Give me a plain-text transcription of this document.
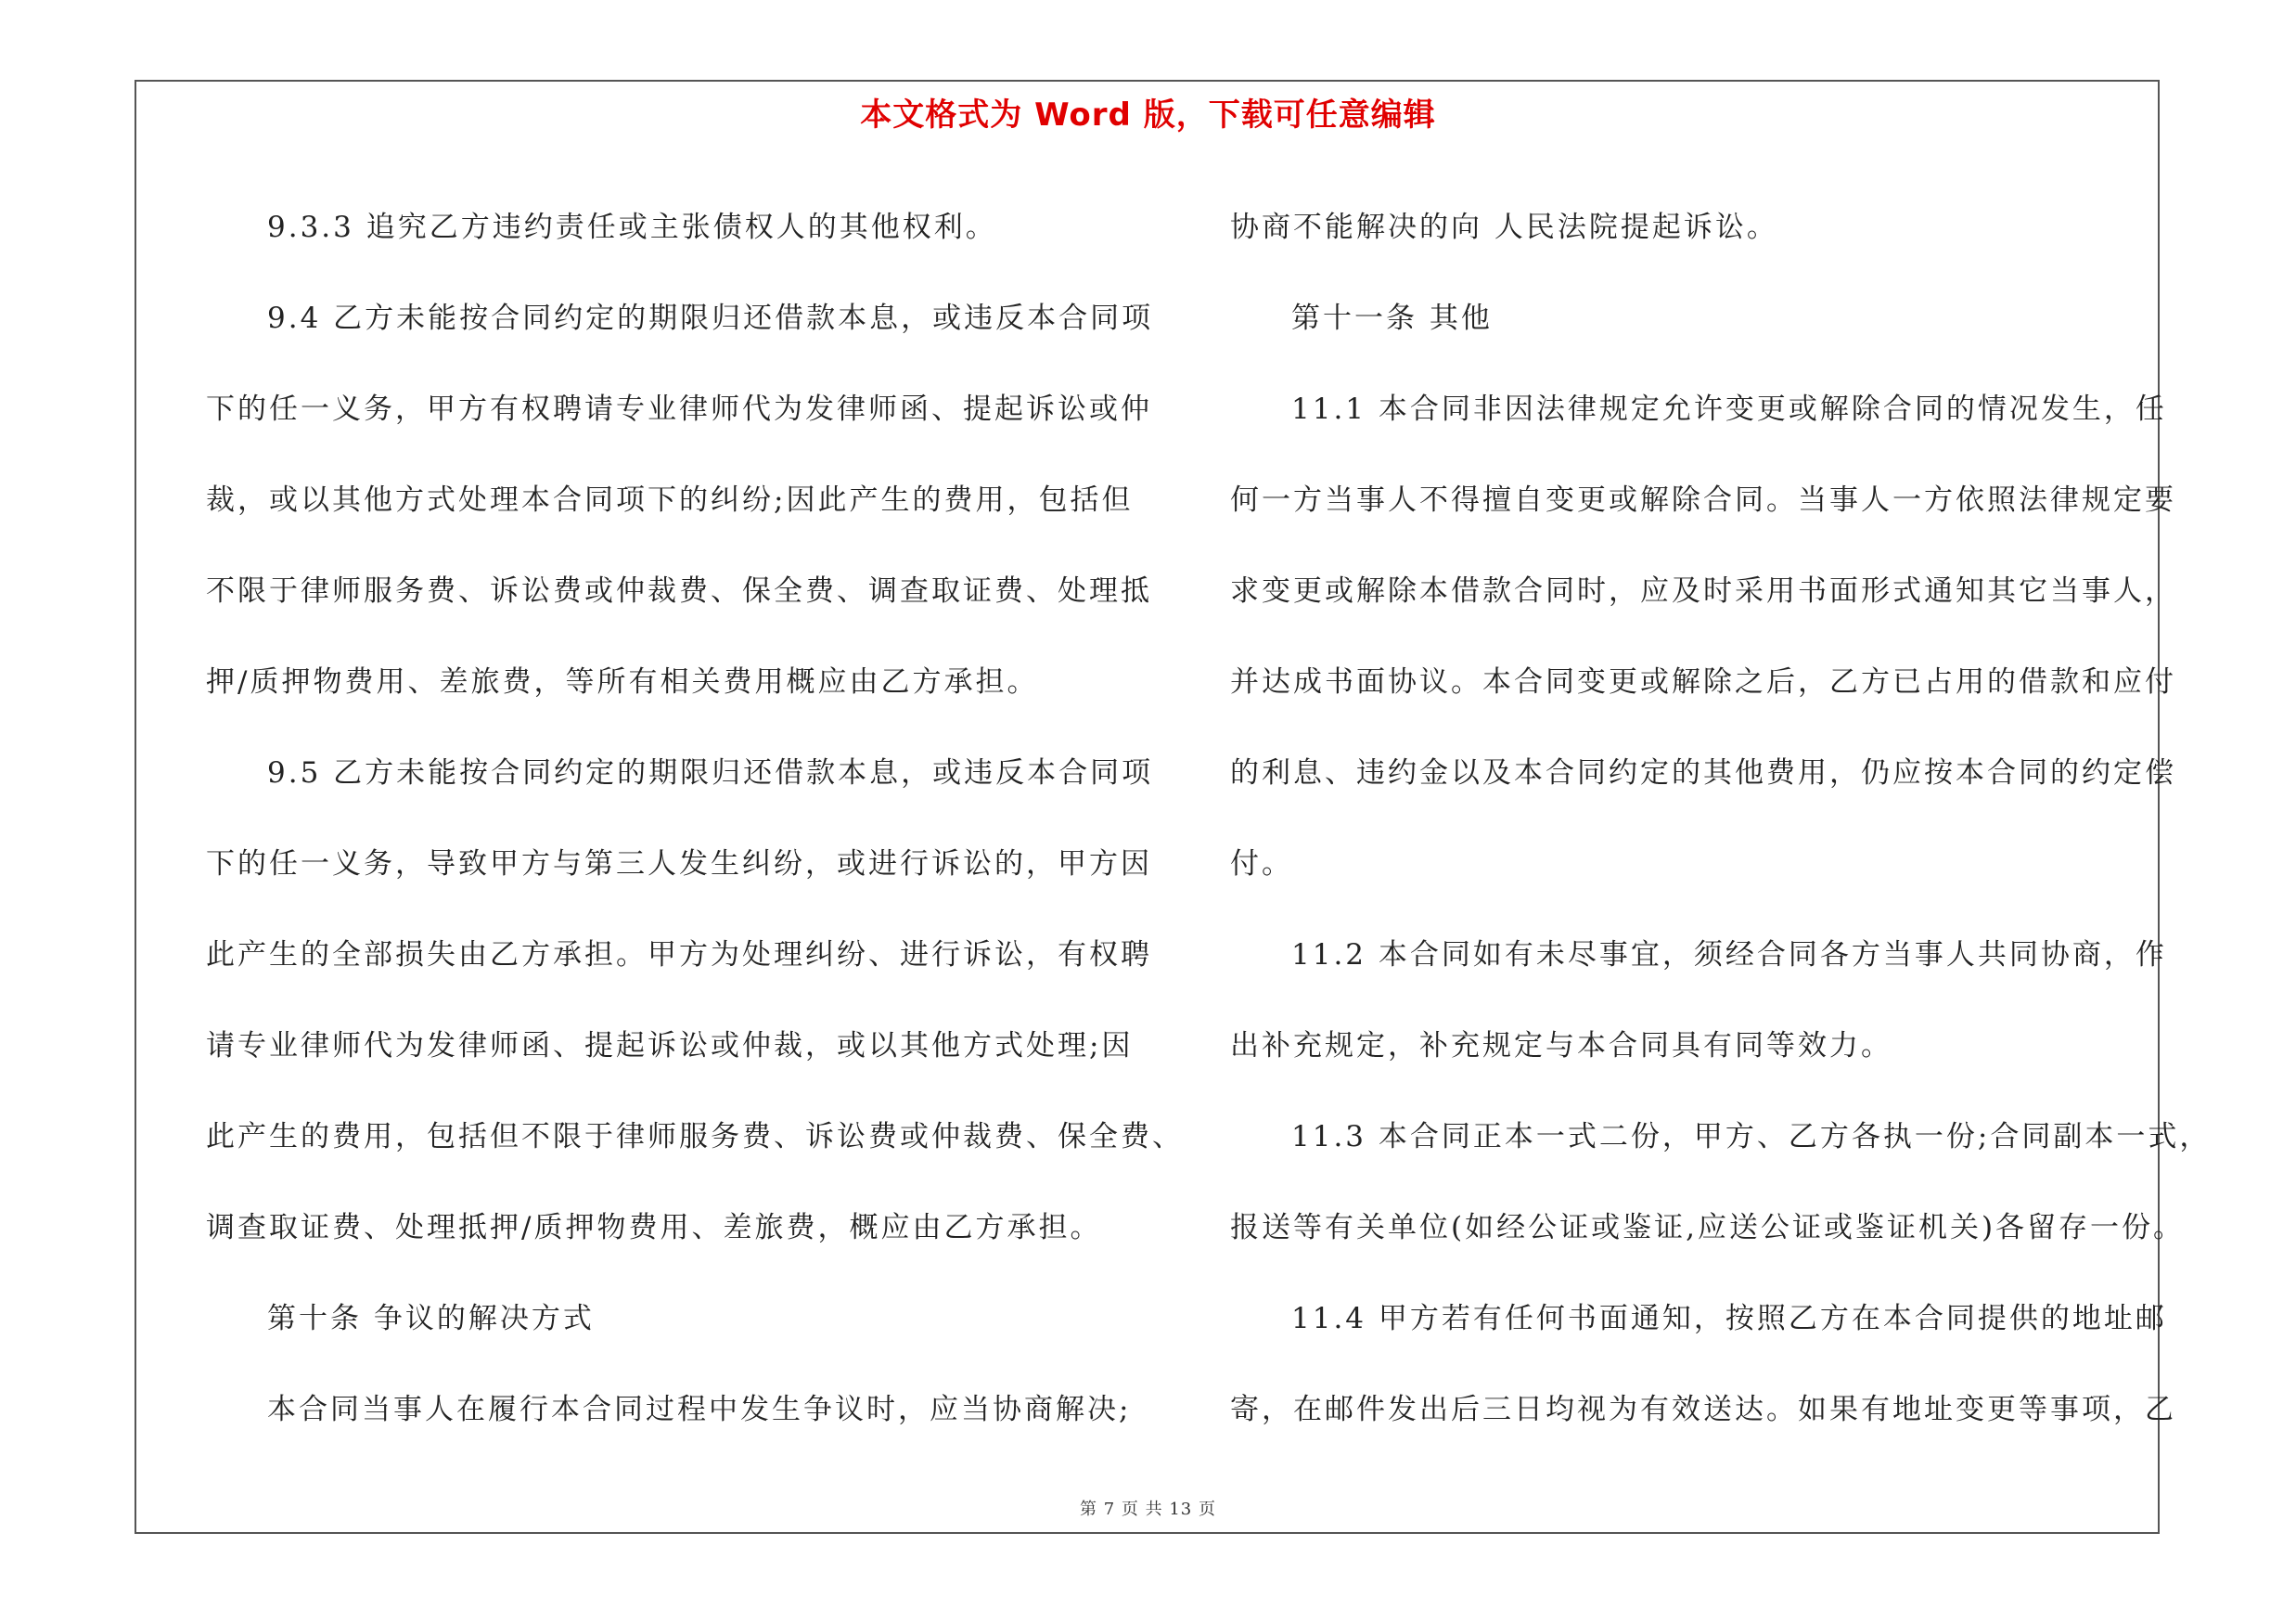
本文格式为 Word 版，下载可任意编辑
9.3.3 追究乙方违约责任或主张债权人的其他权利。
9.4 乙方未能按合同约定的期限归还借款本息，或违反本合同项
下的任一义务，甲方有权聘请专业律师代为发律师函、提起诉讼或仲
裁，或以其他方式处理本合同项下的纠纷;因此产生的费用，包括但
不限于律师服务费、诉讼费或仲裁费、保全费、调查取证费、处理抵
押/质押物费用、差旅费，等所有相关费用概应由乙方承担。
9.5 乙方未能按合同约定的期限归还借款本息，或违反本合同项
下的任一义务，导致甲方与第三人发生纠纷，或进行诉讼的，甲方因
此产生的全部损失由乙方承担。甲方为处理纠纷、进行诉讼，有权聘
请专业律师代为发律师函、提起诉讼或仲裁，或以其他方式处理;因
此产生的费用，包括但不限于律师服务费、诉讼费或仲裁费、保全费、
调查取证费、处理抵押/质押物费用、差旅费，概应由乙方承担。
第十条 争议的解决方式
本合同当事人在履行本合同过程中发生争议时，应当协商解决;
协商不能解决的向 人民法院提起诉讼。
第十一条 其他
11.1 本合同非因法律规定允许变更或解除合同的情况发生，任
何一方当事人不得擅自变更或解除合同。当事人一方依照法律规定要
求变更或解除本借款合同时，应及时采用书面形式通知其它当事人，
并达成书面协议。本合同变更或解除之后，乙方已占用的借款和应付
的利息、违约金以及本合同约定的其他费用，仍应按本合同的约定偿
付。
11.2 本合同如有未尽事宜，须经合同各方当事人共同协商，作
出补充规定，补充规定与本合同具有同等效力。
11.3 本合同正本一式二份，甲方、乙方各执一份;合同副本一式，
报送等有关单位(如经公证或鉴证,应送公证或鉴证机关)各留存一份。
11.4 甲方若有任何书面通知，按照乙方在本合同提供的地址邮
寄，在邮件发出后三日均视为有效送达。如果有地址变更等事项，乙
第 7 页 共 13 页
